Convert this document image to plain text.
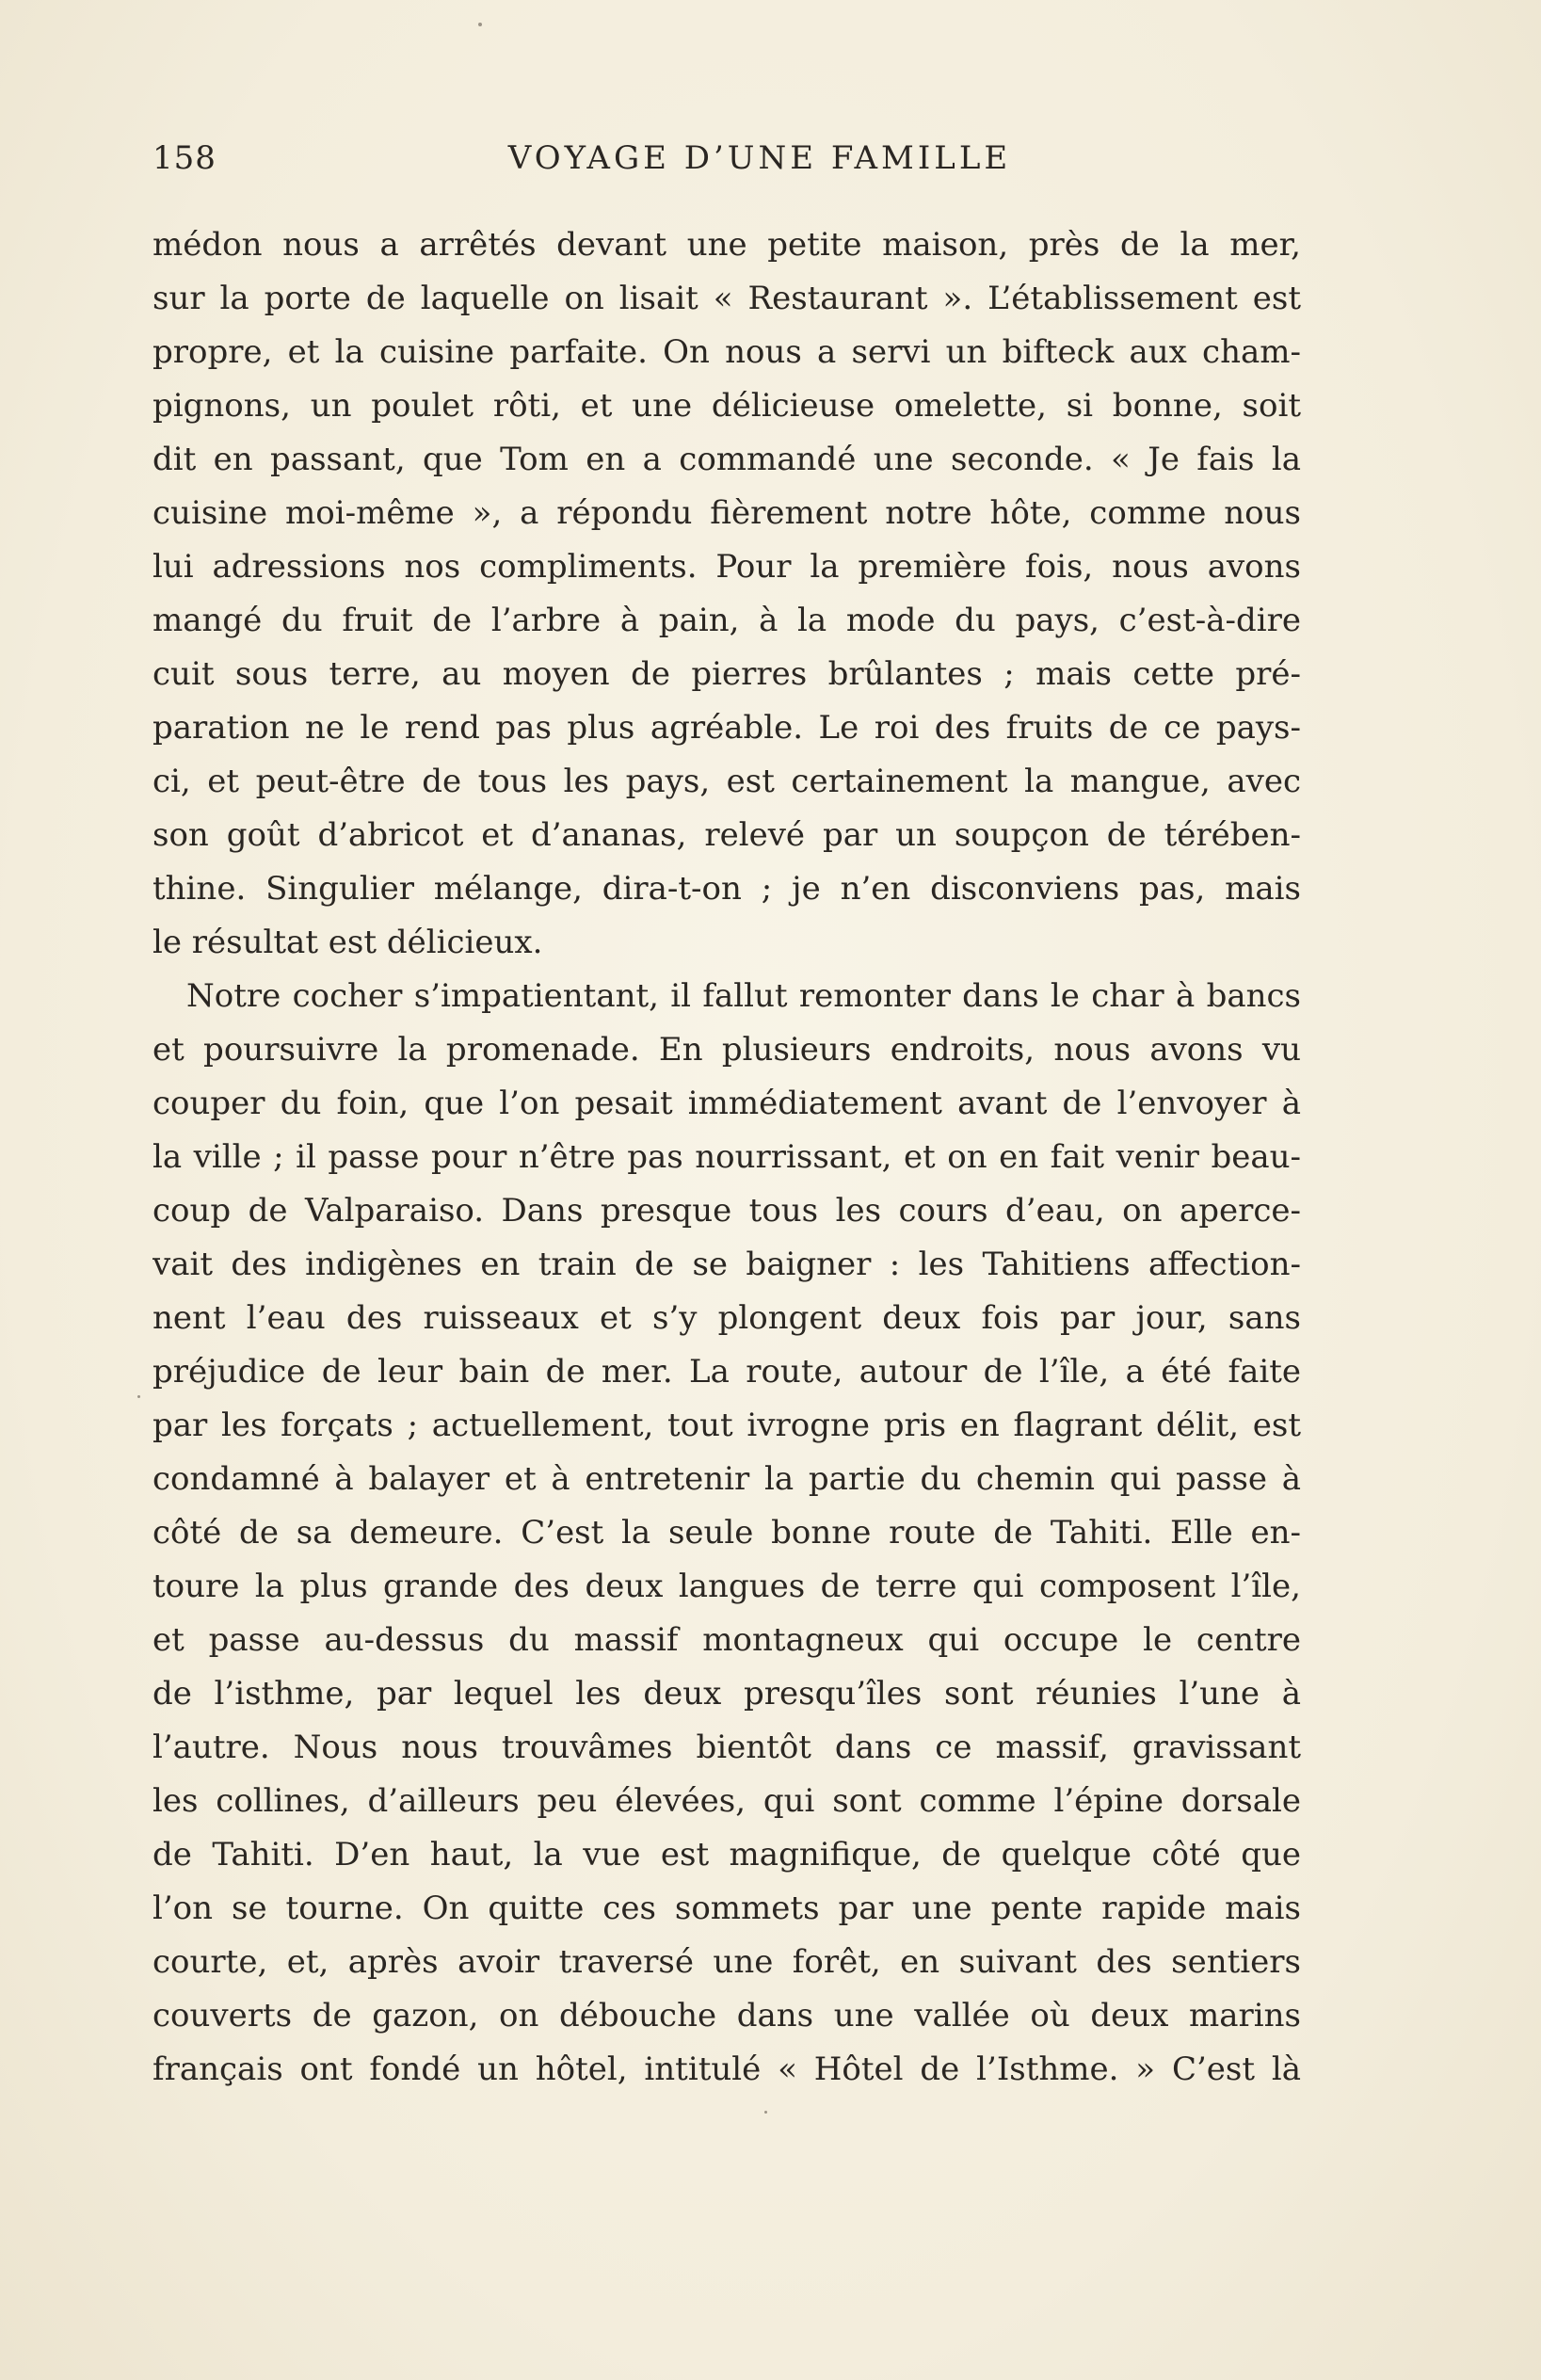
158	VOYAGE D’UNE FAMILLE
médon nous a arrêtés devant une petite maison, près de la mer,
sur la porte de laquelle on lisait « Restaurant ». L’établissement est
propre, et la cuisine parfaite. On nous a servi un bifteck aux cham-
pignons, un poulet rôti, et une délicieuse omelette, si bonne, soit
dit en passant, que Tom en a commandé une seconde. « Je fais la
cuisine moi-même », a répondu fièrement notre hôte, comme nous
lui adressions nos compliments. Pour la première fois, nous avons
mangé du fruit de l’arbre à pain, à la mode du pays, c’est-à-dire
cuit sous terre, au moyen de pierres brûlantes ; mais cette pré-
paration ne le rend pas plus agréable. Le roi des fruits de ce pays-
ci, et peut-être de tous les pays, est certainement la mangue, avec
son goût d’abricot et d’ananas, relevé par un soupçon de térében-
thine. Singulier mélange, dira-t-on ; je n’en disconviens pas, mais
le résultat est délicieux.
Notre cocher s’impatientant, il fallut remonter dans le char à bancs
et poursuivre la promenade. En plusieurs endroits, nous avons vu
couper du foin, que l’on pesait immédiatement avant de l’envoyer à
la ville ; il passe pour n’être pas nourrissant, et on en fait venir beau-
coup de Valparaiso. Dans presque tous les cours d’eau, on aperce-
vait des indigènes en train de se baigner : les Tahitiens affection-
nent l’eau des ruisseaux et s’y plongent deux fois par jour, sans
préjudice de leur bain de mer. La route, autour de l’île, a été faite
par les forçats ; actuellement, tout ivrogne pris en flagrant délit, est
condamné à balayer et à entretenir la partie du chemin qui passe à
côté de sa demeure. C’est la seule bonne route de Tahiti. Elle en-
toure la plus grande des deux langues de terre qui composent l’île,
et passe au-dessus du massif montagneux qui occupe le centre
de l’isthme, par lequel les deux presqu’îles sont réunies l’une à
l’autre. Nous nous trouvâmes bientôt dans ce massif, gravissant
les collines, d’ailleurs peu élevées, qui sont comme l’épine dorsale
de Tahiti. D’en haut, la vue est magnifique, de quelque côté que
l’on se tourne. On quitte ces sommets par une pente rapide mais
courte, et, après avoir traversé une forêt, en suivant des sentiers
couverts de gazon, on débouche dans une vallée où deux marins
français ont fondé un hôtel, intitulé « Hôtel de l’Isthme. » C’est là
